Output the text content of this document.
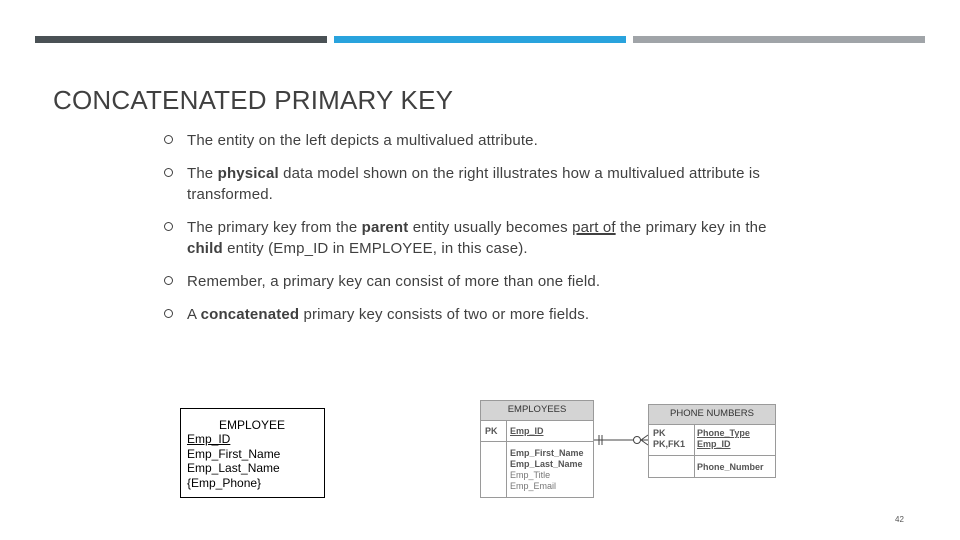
CONCATENATED PRIMARY KEY
The entity on the left depicts a multivalued attribute.
The physical data model shown on the right illustrates how a multivalued attribute is transformed.
The primary key from the parent entity usually becomes part of the primary key in the child entity (Emp_ID in EMPLOYEE, in this case).
Remember, a primary key can consist of more than one field.
A concatenated primary key consists of two or more fields.
EMPLOYEE
Emp_ID
Emp_First_Name
Emp_Last_Name
{Emp_Phone}
EMPLOYEES
PK Emp_ID
Emp_First_Name
Emp_Last_Name
Emp_Title
Emp_Email
PHONE NUMBERS
PK
PK,FK1
Phone_Type
Emp_ID
Phone_Number
42
